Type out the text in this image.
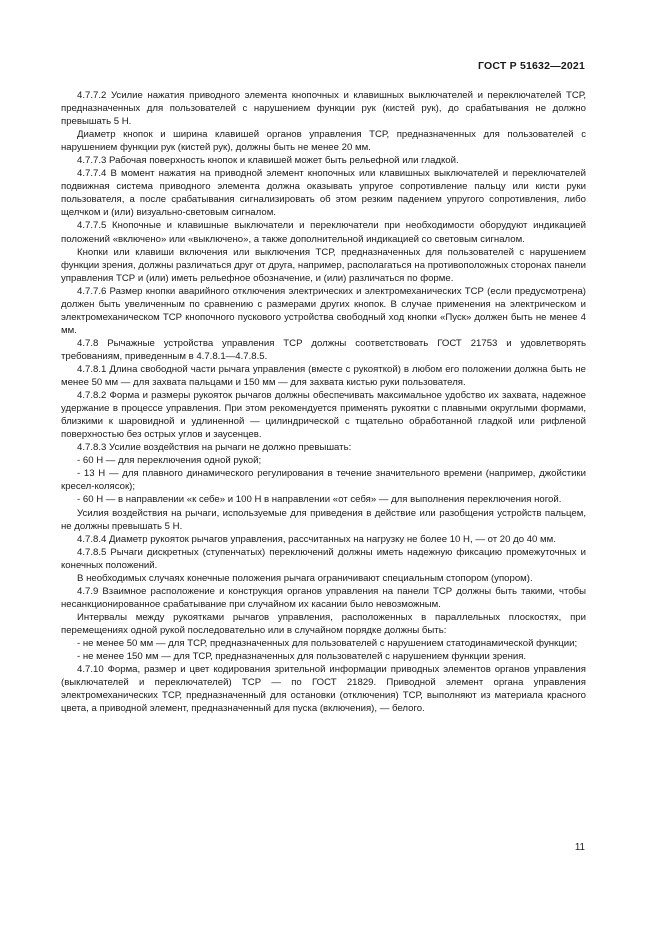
ГОСТ Р 51632—2021

4.7.7.2 Усилие нажатия приводного элемента кнопочных и клавишных выключателей и переключателей ТСР, предназначенных для пользователей с нарушением функции рук (кистей рук), до срабатывания не должно превышать 5 Н.

Диаметр кнопок и ширина клавишей органов управления ТСР, предназначенных для пользователей с нарушением функции рук (кистей рук), должны быть не менее 20 мм.

4.7.7.3 Рабочая поверхность кнопок и клавишей может быть рельефной или гладкой.

4.7.7.4 В момент нажатия на приводной элемент кнопочных или клавишных выключателей и переключателей подвижная система приводного элемента должна оказывать упругое сопротивление пальцу или кисти руки пользователя, а после срабатывания сигнализировать об этом резким падением упругого сопротивления, либо щелчком и (или) визуально-световым сигналом.

4.7.7.5 Кнопочные и клавишные выключатели и переключатели при необходимости оборудуют индикацией положений «включено» или «выключено», а также дополнительной индикацией со световым сигналом.

Кнопки или клавиши включения или выключения ТСР, предназначенных для пользователей с нарушением функции зрения, должны различаться друг от друга, например, располагаться на противоположных сторонах панели управления ТСР и (или) иметь рельефное обозначение, и (или) различаться по форме.

4.7.7.6 Размер кнопки аварийного отключения электрических и электромеханических ТСР (если предусмотрена) должен быть увеличенным по сравнению с размерами других кнопок. В случае применения на электрическом и электромеханическом ТСР кнопочного пускового устройства свободный ход кнопки «Пуск» должен быть не менее 4 мм.

4.7.8 Рычажные устройства управления ТСР должны соответствовать ГОСТ 21753 и удовлетворять требованиям, приведенным в 4.7.8.1—4.7.8.5.

4.7.8.1 Длина свободной части рычага управления (вместе с рукояткой) в любом его положении должна быть не менее 50 мм — для захвата пальцами и 150 мм — для захвата кистью руки пользователя.

4.7.8.2 Форма и размеры рукояток рычагов должны обеспечивать максимальное удобство их захвата, надежное удержание в процессе управления. При этом рекомендуется применять рукоятки с плавными округлыми формами, близкими к шаровидной и удлиненной — цилиндрической с тщательно обработанной гладкой или рифленой поверхностью без острых углов и заусенцев.

4.7.8.3 Усилие воздействия на рычаги не должно превышать:

- 60 Н — для переключения одной рукой;

- 13 Н — для плавного динамического регулирования в течение значительного времени (например, джойстики кресел-колясок);

- 60 Н — в направлении «к себе» и 100 Н в направлении «от себя» — для выполнения переключения ногой.

Усилия воздействия на рычаги, используемые для приведения в действие или разобщения устройств пальцем, не должны превышать 5 Н.

4.7.8.4 Диаметр рукояток рычагов управления, рассчитанных на нагрузку не более 10 Н, — от 20 до 40 мм.

4.7.8.5 Рычаги дискретных (ступенчатых) переключений должны иметь надежную фиксацию промежуточных и конечных положений.

В необходимых случаях конечные положения рычага ограничивают специальным стопором (упором).

4.7.9 Взаимное расположение и конструкция органов управления на панели ТСР должны быть такими, чтобы несанкционированное срабатывание при случайном их касании было невозможным.

Интервалы между рукоятками рычагов управления, расположенных в параллельных плоскостях, при перемещениях одной рукой последовательно или в случайном порядке должны быть:

- не менее 50 мм — для ТСР, предназначенных для пользователей с нарушением статодинамической функции;

- не менее 150 мм — для ТСР, предназначенных для пользователей с нарушением функции зрения.

4.7.10 Форма, размер и цвет кодирования зрительной информации приводных элементов органов управления (выключателей и переключателей) ТСР — по ГОСТ 21829. Приводной элемент органа управления электромеханических ТСР, предназначенный для остановки (отключения) ТСР, выполняют из материала красного цвета, а приводной элемент, предназначенный для пуска (включения), — белого.

11
